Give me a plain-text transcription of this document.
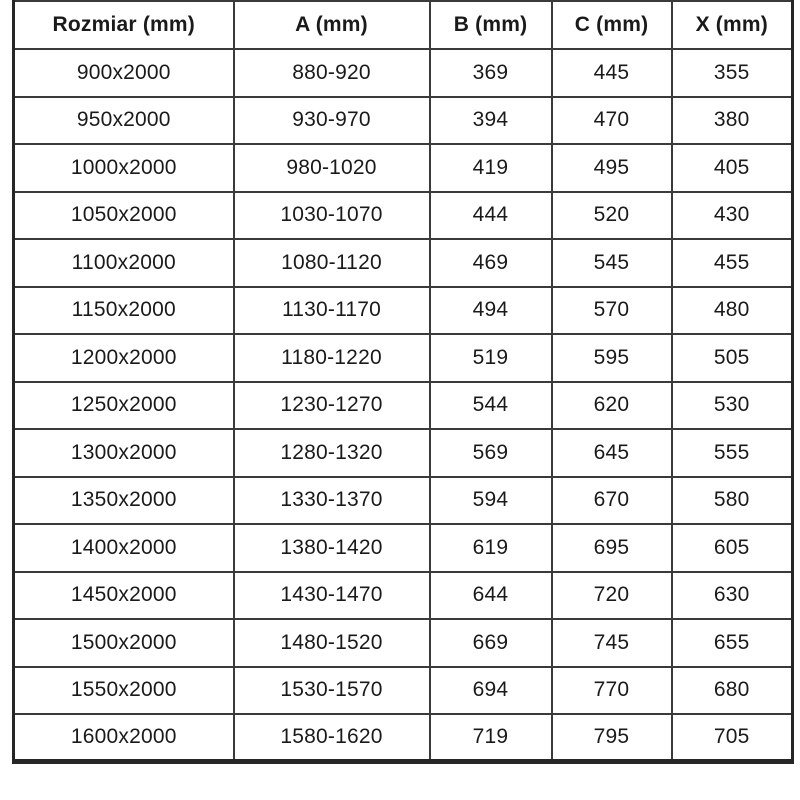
Rozmiar (mm)	A (mm)	B (mm)	C (mm)	X (mm)
900x2000	880-920	369	445	355
950x2000	930-970	394	470	380
1000x2000	980-1020	419	495	405
1050x2000	1030-1070	444	520	430
1100x2000	1080-1120	469	545	455
1150x2000	1130-1170	494	570	480
1200x2000	1180-1220	519	595	505
1250x2000	1230-1270	544	620	530
1300x2000	1280-1320	569	645	555
1350x2000	1330-1370	594	670	580
1400x2000	1380-1420	619	695	605
1450x2000	1430-1470	644	720	630
1500x2000	1480-1520	669	745	655
1550x2000	1530-1570	694	770	680
1600x2000	1580-1620	719	795	705
